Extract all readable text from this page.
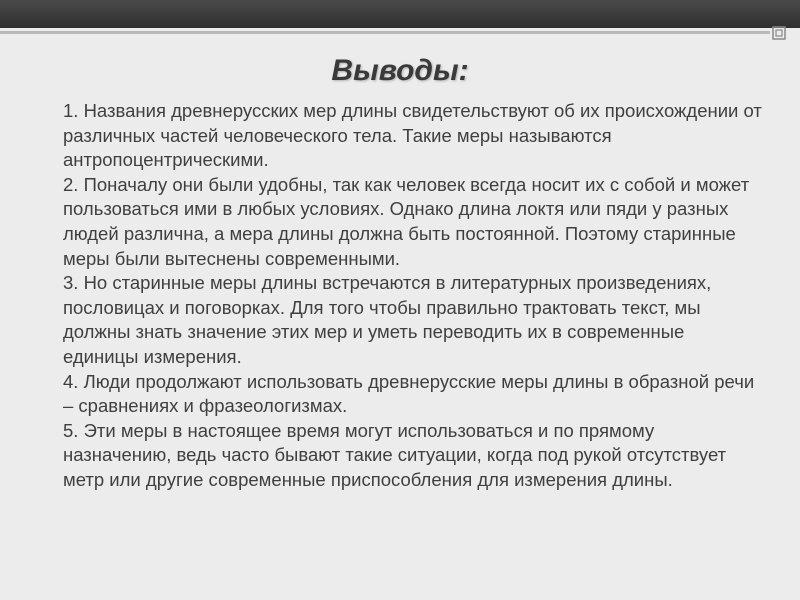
Выводы:

1. Названия древнерусских мер длины свидетельствуют об их происхождении от различных частей человеческого тела. Такие меры называются антропоцентрическими.

2. Поначалу они были удобны, так как человек всегда носит их с собой и может пользоваться ими в любых условиях. Однако длина локтя или пяди у разных людей различна, а мера длины должна быть постоянной. Поэтому старинные меры были вытеснены современными.

3. Но старинные меры длины встречаются в литературных произведениях, пословицах и поговорках. Для того чтобы правильно трактовать текст, мы должны знать значение этих мер и уметь переводить их в современные единицы измерения.

4. Люди продолжают использовать древнерусские меры длины в образной речи – сравнениях и фразеологизмах.

5. Эти меры в настоящее время могут использоваться и по прямому назначению, ведь часто бывают такие ситуации, когда под рукой отсутствует метр или другие современные приспособления для измерения длины.
